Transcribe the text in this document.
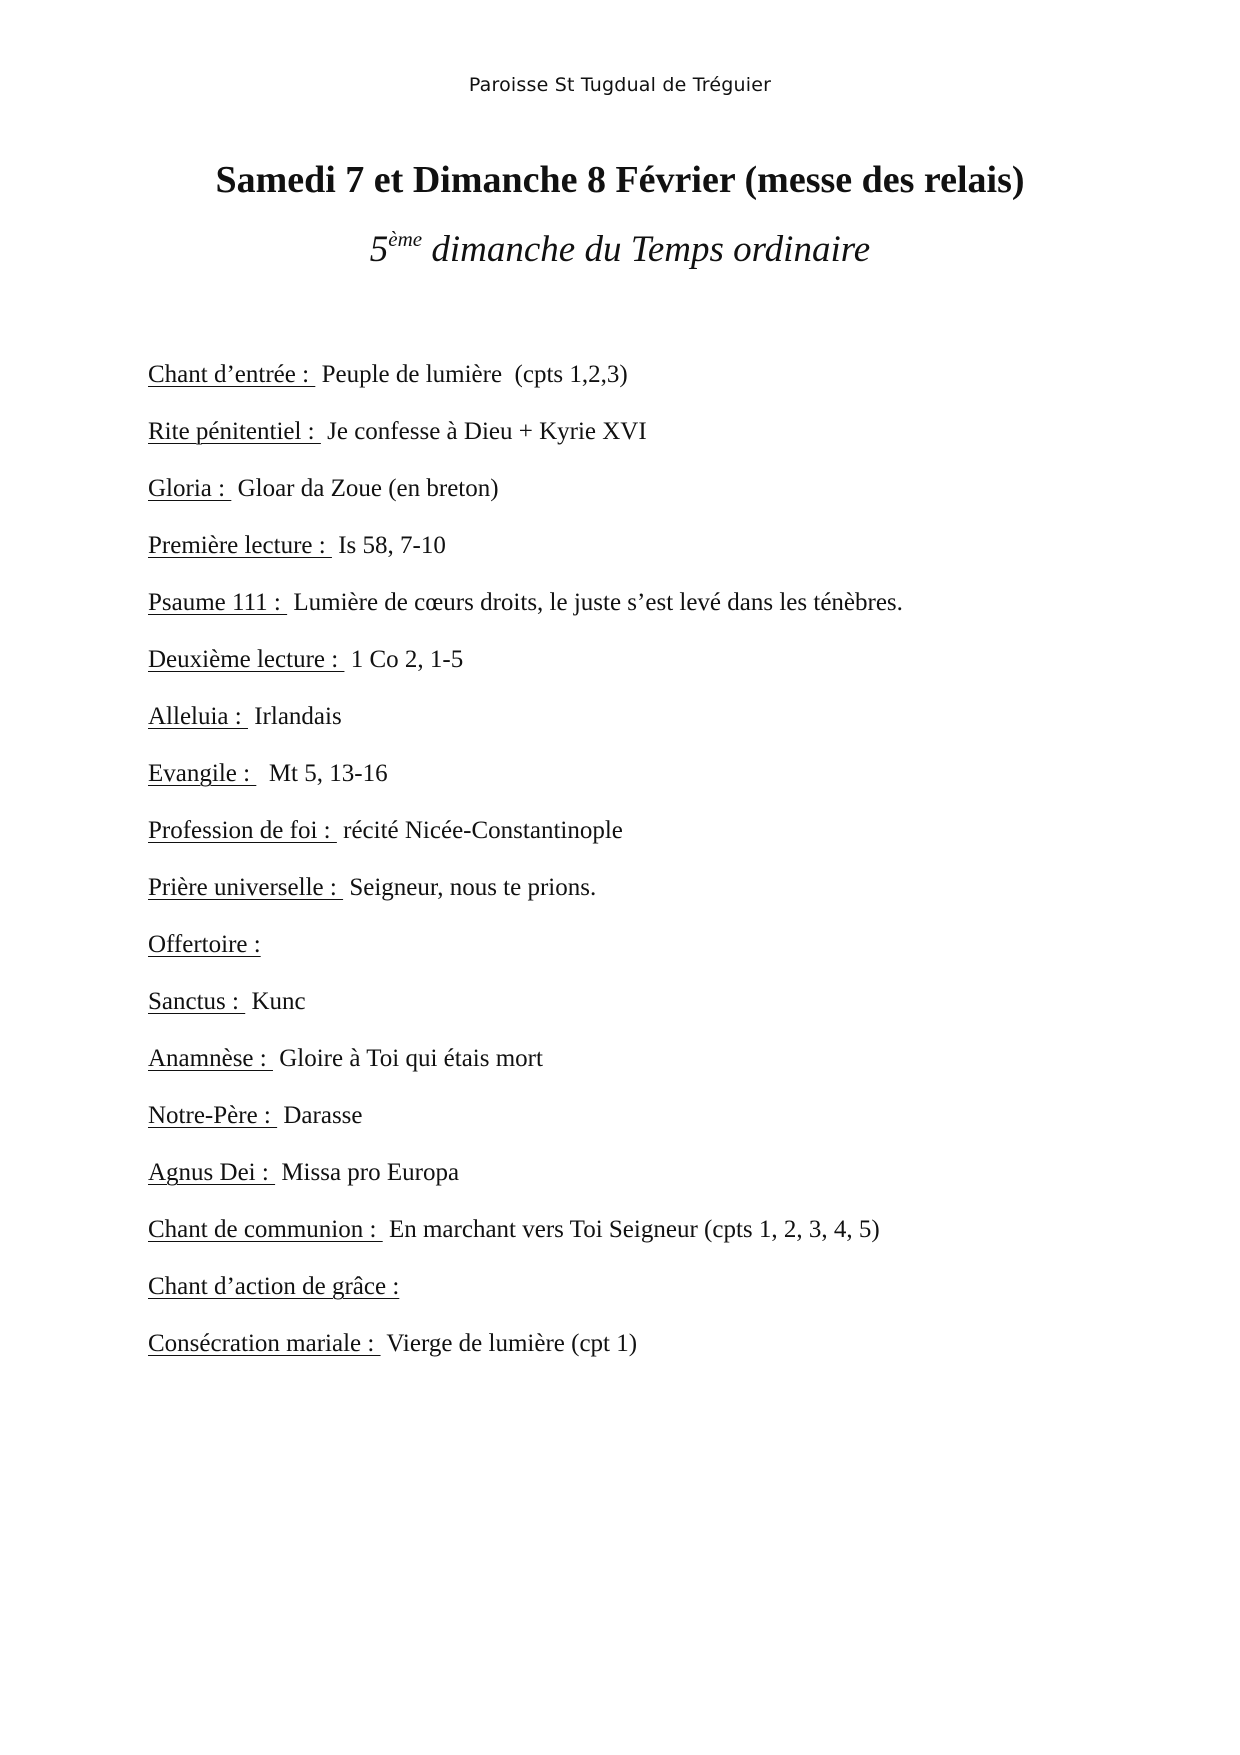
Paroisse St Tugdual de Tréguier
Samedi 7 et Dimanche 8 Février (messe des relais)
5ème dimanche du Temps ordinaire
Chant d’entrée :  Peuple de lumière  (cpts 1,2,3)
Rite pénitentiel :  Je confesse à Dieu + Kyrie XVI
Gloria :  Gloar da Zoue (en breton)
Première lecture :  Is 58, 7-10
Psaume 111 :  Lumière de cœurs droits, le juste s’est levé dans les ténèbres.
Deuxième lecture :  1 Co 2, 1-5
Alleluia :  Irlandais
Evangile :   Mt 5, 13-16
Profession de foi :  récité Nicée-Constantinople
Prière universelle :  Seigneur, nous te prions.
Offertoire :
Sanctus :  Kunc
Anamnèse :  Gloire à Toi qui étais mort
Notre-Père :  Darasse
Agnus Dei :  Missa pro Europa
Chant de communion :  En marchant vers Toi Seigneur (cpts 1, 2, 3, 4, 5)
Chant d’action de grâce :
Consécration mariale :  Vierge de lumière (cpt 1)
